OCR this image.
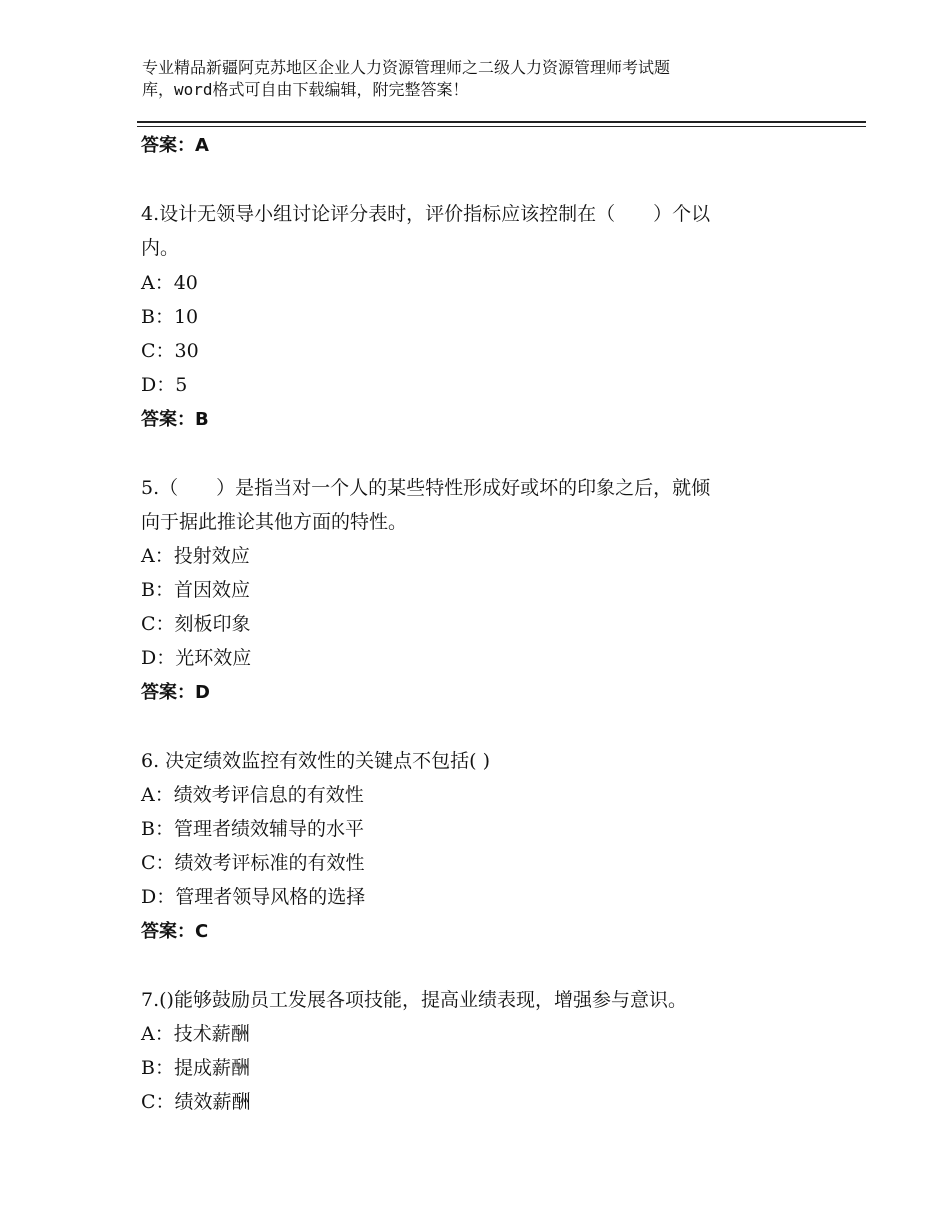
专业精品新疆阿克苏地区企业人力资源管理师之二级人力资源管理师考试题
库，word格式可自由下载编辑，附完整答案！
答案：A
4.设计无领导小组讨论评分表时，评价指标应该控制在（　　）个以
内。
A：40
B：10
C：30
D：5
答案：B
5.（　　）是指当对一个人的某些特性形成好或坏的印象之后，就倾
向于据此推论其他方面的特性。
A：投射效应
B：首因效应
C：刻板印象
D：光环效应
答案：D
6. 决定绩效监控有效性的关键点不包括( )
A：绩效考评信息的有效性
B：管理者绩效辅导的水平
C：绩效考评标准的有效性
D：管理者领导风格的选择
答案：C
7.()能够鼓励员工发展各项技能，提高业绩表现，增强参与意识。
A：技术薪酬
B：提成薪酬
C：绩效薪酬
